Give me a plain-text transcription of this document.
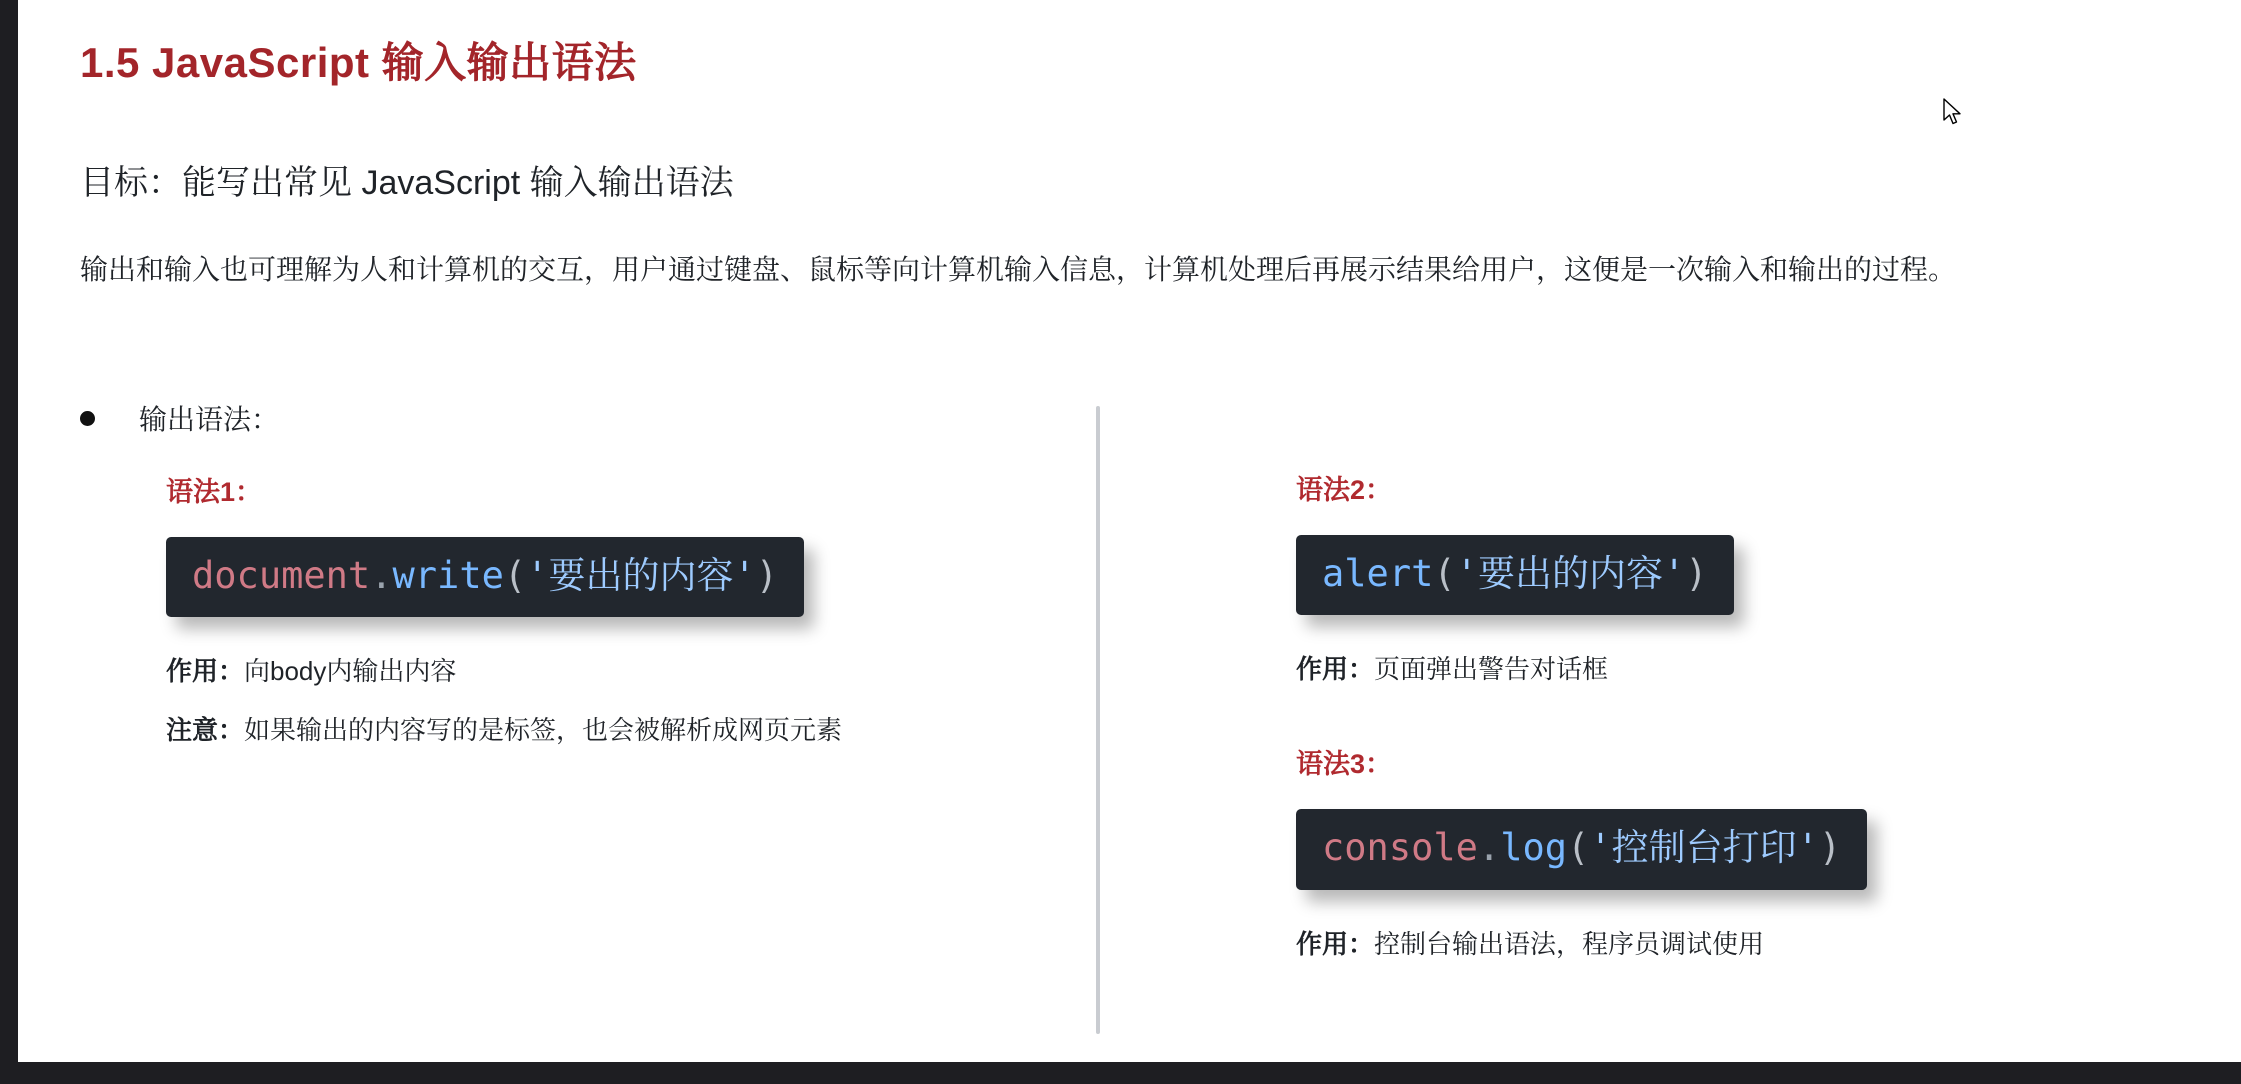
1.5 JavaScript 输入输出语法
目标：能写出常见 JavaScript 输入输出语法
输出和输入也可理解为人和计算机的交互，用户通过键盘、鼠标等向计算机输入信息，计算机处理后再展示结果给用户，这便是一次输入和输出的过程。
输出语法：
语法1：
document.write('要出的内容')
作用：向body内输出内容
注意：如果输出的内容写的是标签，也会被解析成网页元素
语法2：
alert('要出的内容')
作用：页面弹出警告对话框
语法3：
console.log('控制台打印')
作用：控制台输出语法，程序员调试使用
